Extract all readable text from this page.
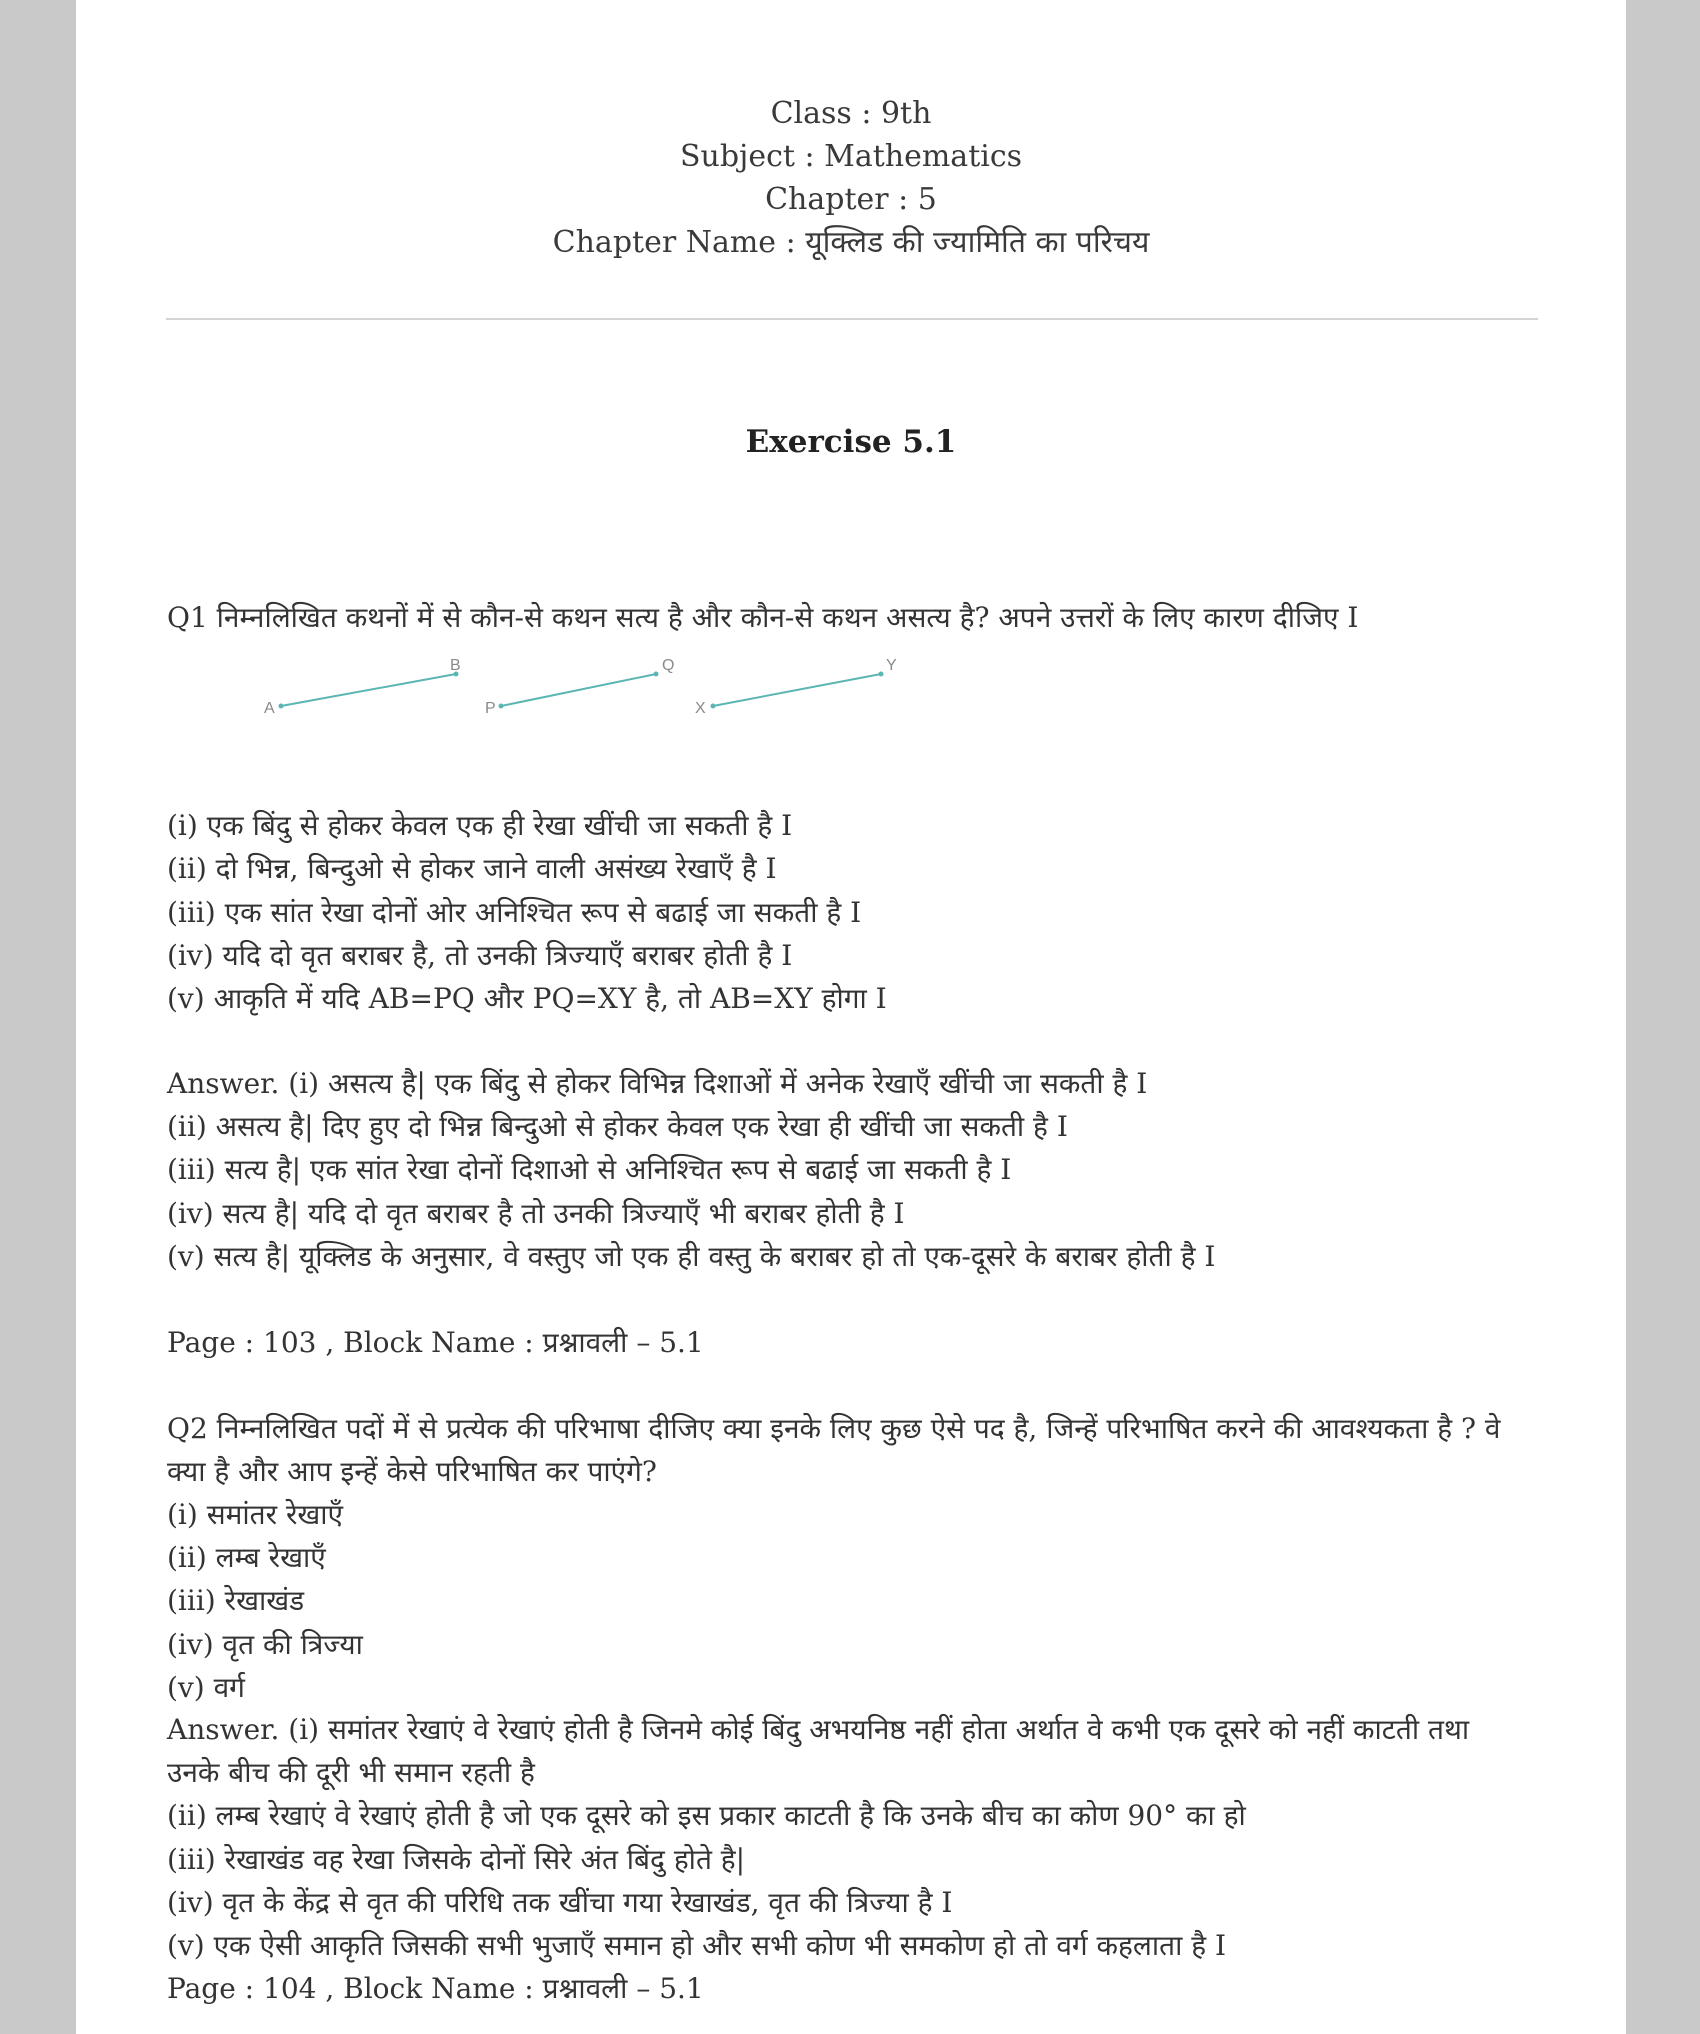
Class : 9th
Subject : Mathematics
Chapter : 5
Chapter Name : यूक्लिड की ज्यामिति का परिचय
Exercise 5.1
Q1 निम्नलिखित कथनों में से कौन-से कथन सत्य है और कौन-से कथन असत्य है? अपने उत्तरों के लिए कारण दीजिए I
A
B
P
Q
X
Y
(i) एक बिंदु से होकर केवल एक ही रेखा खींची जा सकती है I
(ii) दो भिन्न, बिन्दुओ से होकर जाने वाली असंख्य रेखाएँ है I
(iii) एक सांत रेखा दोनों ओर अनिश्चित रूप से बढाई जा सकती है I
(iv) यदि दो वृत बराबर है, तो उनकी त्रिज्याएँ बराबर होती है I
(v) आकृति में यदि AB=PQ और PQ=XY है, तो AB=XY होगा I
Answer. (i) असत्य है| एक बिंदु से होकर विभिन्न दिशाओं में अनेक रेखाएँ खींची जा सकती है I
(ii) असत्य है| दिए हुए दो भिन्न बिन्दुओ से होकर केवल एक रेखा ही खींची जा सकती है I
(iii) सत्य है| एक सांत रेखा दोनों दिशाओ से अनिश्चित रूप से बढाई जा सकती है I
(iv) सत्य है| यदि दो वृत बराबर है तो उनकी त्रिज्याएँ भी बराबर होती है I
(v) सत्य है| यूक्लिड के अनुसार, वे वस्तुए जो एक ही वस्तु के बराबर हो तो एक-दूसरे के बराबर होती है I
Page : 103 , Block Name : प्रश्नावली – 5.1
Q2 निम्नलिखित पदों में से प्रत्येक की परिभाषा दीजिए क्या इनके लिए कुछ ऐसे पद है, जिन्हें परिभाषित करने की आवश्यकता है ? वे
क्या है और आप इन्हें केसे परिभाषित कर पाएंगे?
(i) समांतर रेखाएँ
(ii) लम्ब रेखाएँ
(iii) रेखाखंड
(iv) वृत की त्रिज्या
(v) वर्ग
Answer. (i) समांतर रेखाएं वे रेखाएं होती है जिनमे कोई बिंदु अभयनिष्ठ नहीं होता अर्थात वे कभी एक दूसरे को नहीं काटती तथा
उनके बीच की दूरी भी समान रहती है
(ii) लम्ब रेखाएं वे रेखाएं होती है जो एक दूसरे को इस प्रकार काटती है कि उनके बीच का कोण 90° का हो
(iii) रेखाखंड वह रेखा जिसके दोनों सिरे अंत बिंदु होते है|
(iv) वृत के केंद्र से वृत की परिधि तक खींचा गया रेखाखंड, वृत की त्रिज्या है I
(v) एक ऐसी आकृति जिसकी सभी भुजाएँ समान हो और सभी कोण भी समकोण हो तो वर्ग कहलाता है I
Page : 104 , Block Name : प्रश्नावली – 5.1
